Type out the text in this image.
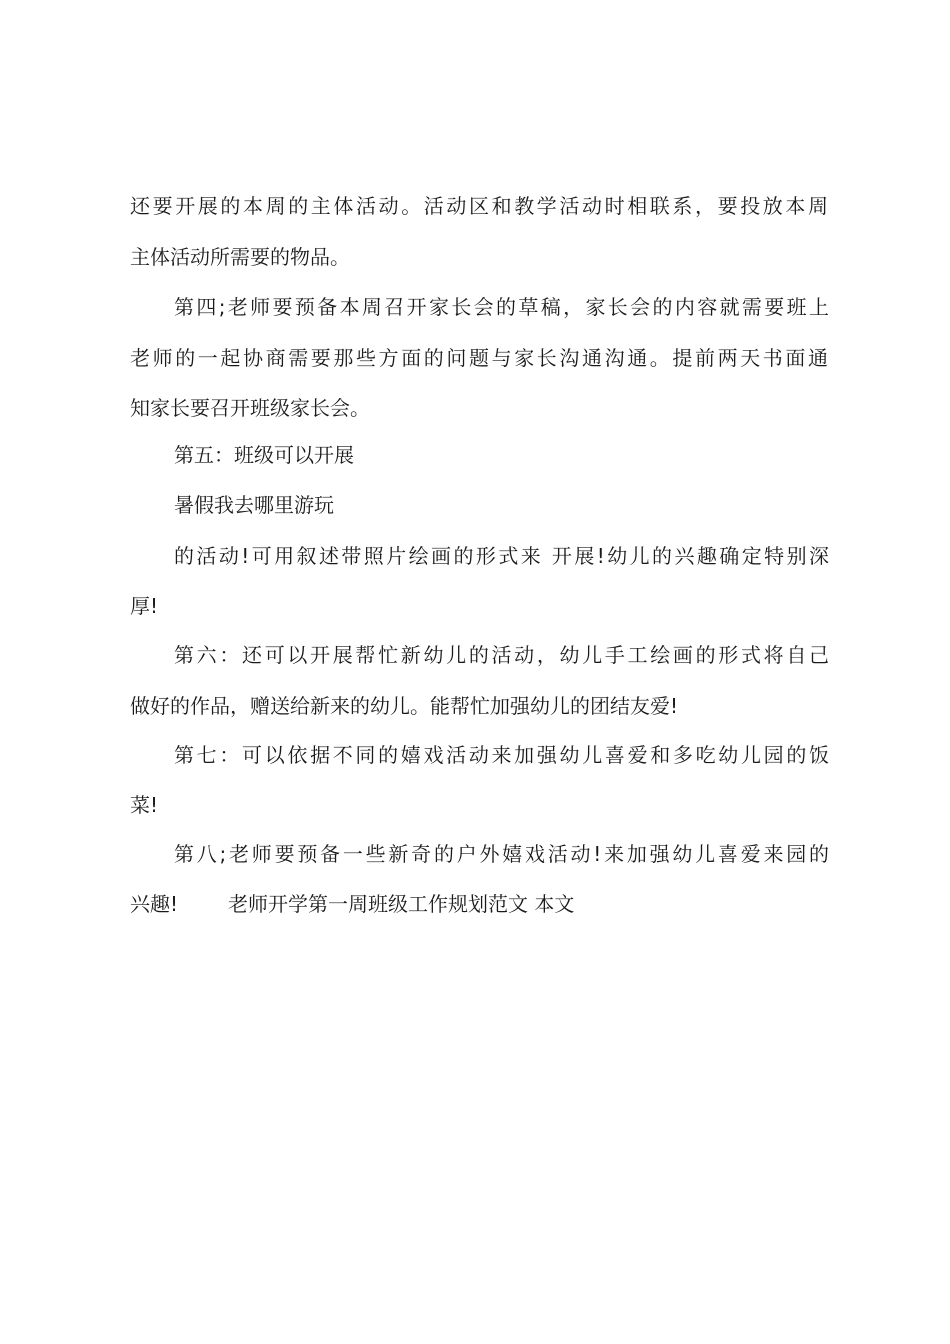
还要开展的本周的主体活动。活动区和教学活动时相联系，要投放本周
主体活动所需要的物品。
第四;老师要预备本周召开家长会的草稿，家长会的内容就需要班上
老师的一起协商需要那些方面的问题与家长沟通沟通。提前两天书面通
知家长要召开班级家长会。
第五：班级可以开展
暑假我去哪里游玩
的活动!可用叙述带照片绘画的形式来 开展!幼儿的兴趣确定特别深
厚!
第六：还可以开展帮忙新幼儿的活动，幼儿手工绘画的形式将自己
做好的作品，赠送给新来的幼儿。能帮忙加强幼儿的团结友爱!
第七：可以依据不同的嬉戏活动来加强幼儿喜爱和多吃幼儿园的饭
菜!
第八;老师要预备一些新奇的户外嬉戏活动!来加强幼儿喜爱来园的
兴趣! 老师开学第一周班级工作规划范文 本文
